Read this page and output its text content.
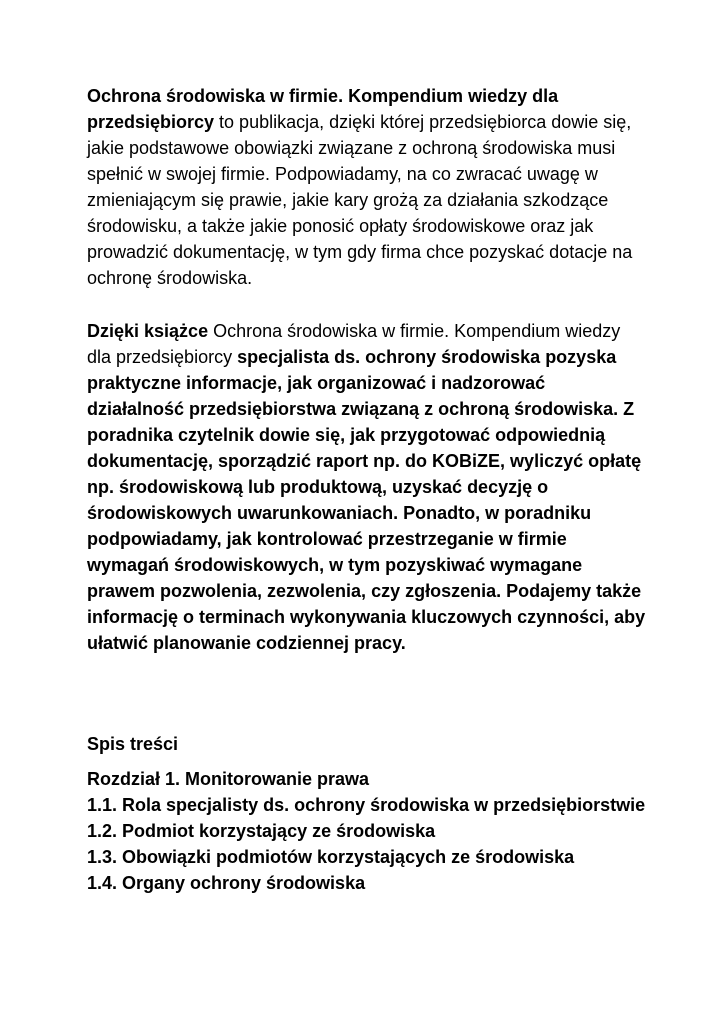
Ochrona środowiska w firmie. Kompendium wiedzy dla przedsiębiorcy to publikacja, dzięki której przedsiębiorca dowie się, jakie podstawowe obowiązki związane z ochroną środowiska musi spełnić w swojej firmie. Podpowiadamy, na co zwracać uwagę w zmieniającym się prawie, jakie kary grożą za działania szkodzące środowisku, a także jakie ponosić opłaty środowiskowe oraz jak prowadzić dokumentację, w tym gdy firma chce pozyskać dotacje na ochronę środowiska.

Dzięki książce Ochrona środowiska w firmie. Kompendium wiedzy dla przedsiębiorcy specjalista ds. ochrony środowiska pozyska praktyczne informacje, jak organizować i nadzorować działalność przedsiębiorstwa związaną z ochroną środowiska. Z poradnika czytelnik dowie się, jak przygotować odpowiednią dokumentację, sporządzić raport np. do KOBiZE, wyliczyć opłatę np. środowiskową lub produktową, uzyskać decyzję o środowiskowych uwarunkowaniach. Ponadto, w poradniku podpowiadamy, jak kontrolować przestrzeganie w firmie wymagań środowiskowych, w tym pozyskiwać wymagane prawem pozwolenia, zezwolenia, czy zgłoszenia. Podajemy także informację o terminach wykonywania kluczowych czynności, aby ułatwić planowanie codziennej pracy.

Spis treści

Rozdział 1. Monitorowanie prawa
1.1. Rola specjalisty ds. ochrony środowiska w przedsiębiorstwie
1.2. Podmiot korzystający ze środowiska
1.3. Obowiązki podmiotów korzystających ze środowiska
1.4. Organy ochrony środowiska
